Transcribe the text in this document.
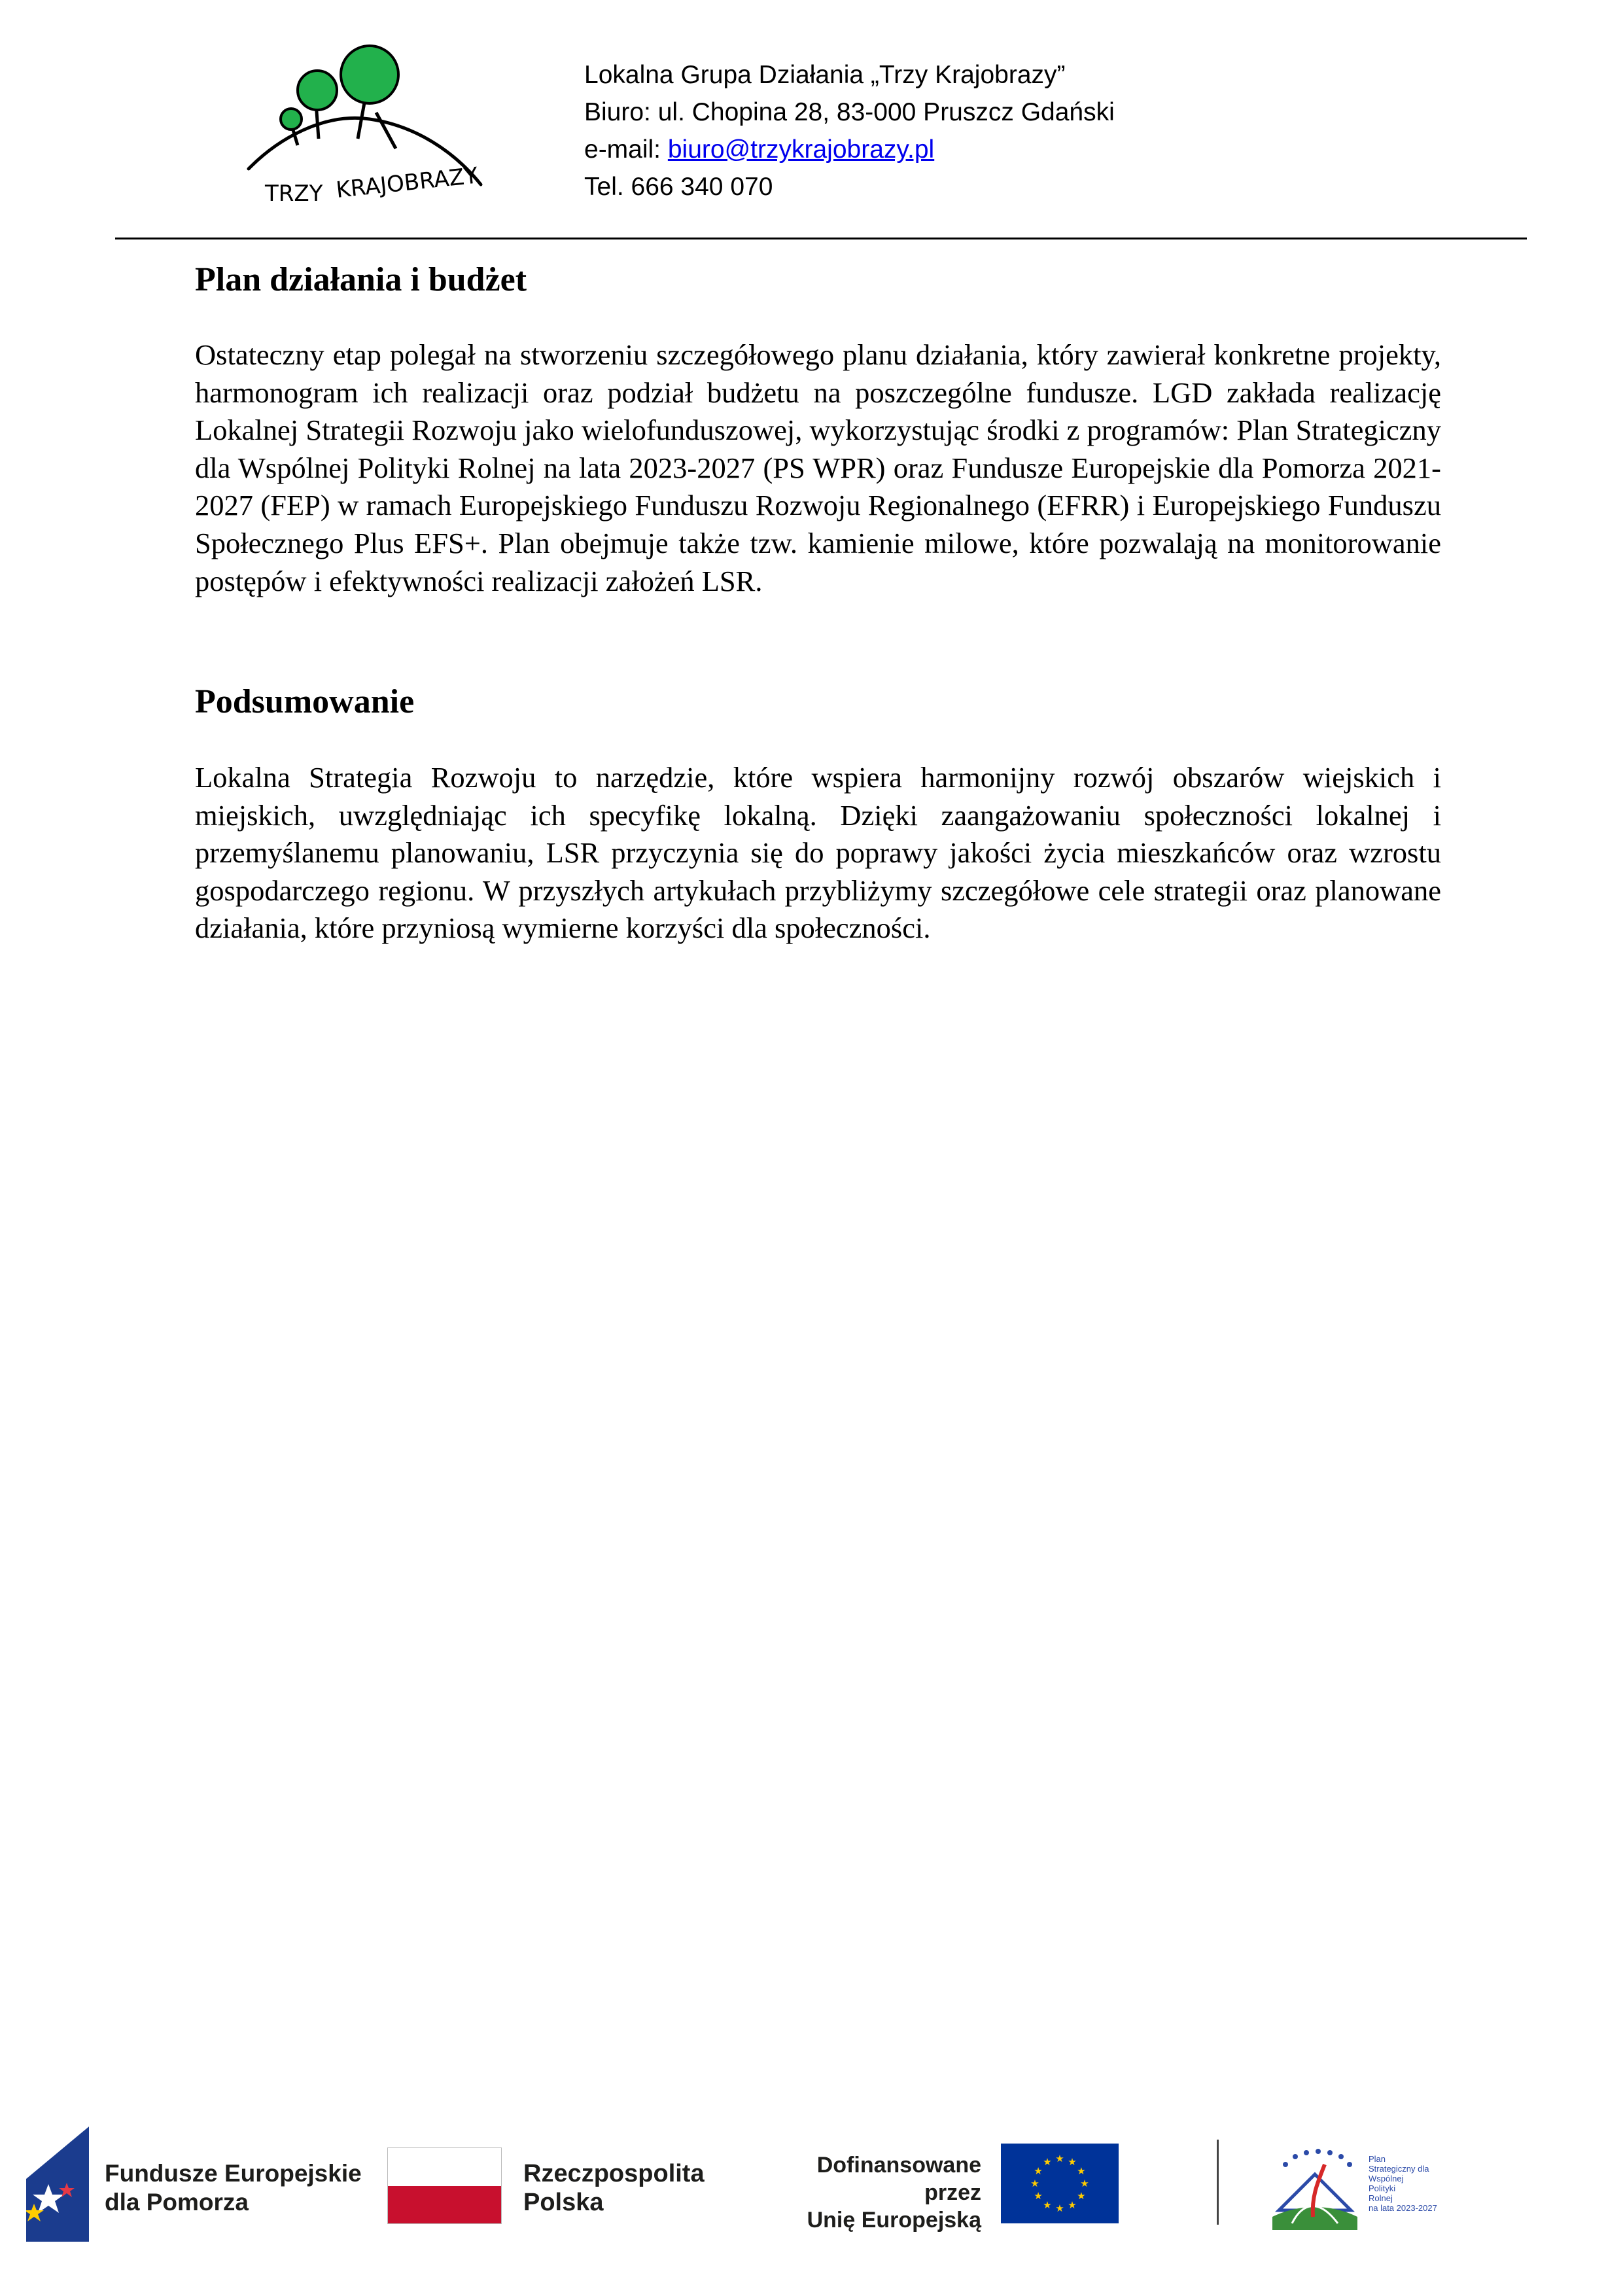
TRZY KRAJOBRAZY
Lokalna Grupa Działania „Trzy Krajobrazy”
Biuro: ul. Chopina 28, 83-000 Pruszcz Gdański
e-mail: biuro@trzykrajobrazy.pl
Tel. 666 340 070
Plan działania i budżet
Ostateczny etap polegał na stworzeniu szczegółowego planu działania, który zawierał konkretne projekty, harmonogram ich realizacji oraz podział budżetu na poszczególne fundusze. LGD zakłada realizację Lokalnej Strategii Rozwoju jako wielofunduszowej, wykorzystując środki z programów: Plan Strategiczny dla Wspólnej Polityki Rolnej na lata 2023-2027 (PS WPR) oraz Fundusze Europejskie dla Pomorza 2021-2027 (FEP) w ramach Europejskiego Funduszu Rozwoju Regionalnego (EFRR) i Europejskiego Funduszu Społecznego Plus EFS+. Plan obejmuje także tzw. kamienie milowe, które pozwalają na monitorowanie postępów i efektywności realizacji założeń LSR.
Podsumowanie
Lokalna Strategia Rozwoju to narzędzie, które wspiera harmonijny rozwój obszarów wiejskich i miejskich, uwzględniając ich specyfikę lokalną. Dzięki zaangażowaniu społeczności lokalnej i przemyślanemu planowaniu, LSR przyczynia się do poprawy jakości życia mieszkańców oraz wzrostu gospodarczego regionu. W przyszłych artykułach przybliżymy szczegółowe cele strategii oraz planowane działania, które przyniosą wymierne korzyści dla społeczności.
Fundusze Europejskie
dla Pomorza
Rzeczpospolita
Polska
Dofinansowane przez
Unię Europejską
★ ★
★
★
★
★
★
★
★
★
★
★	Plan
Strategiczny dla
Wspólnej
Polityki
Rolnej
na lata 2023-2027
